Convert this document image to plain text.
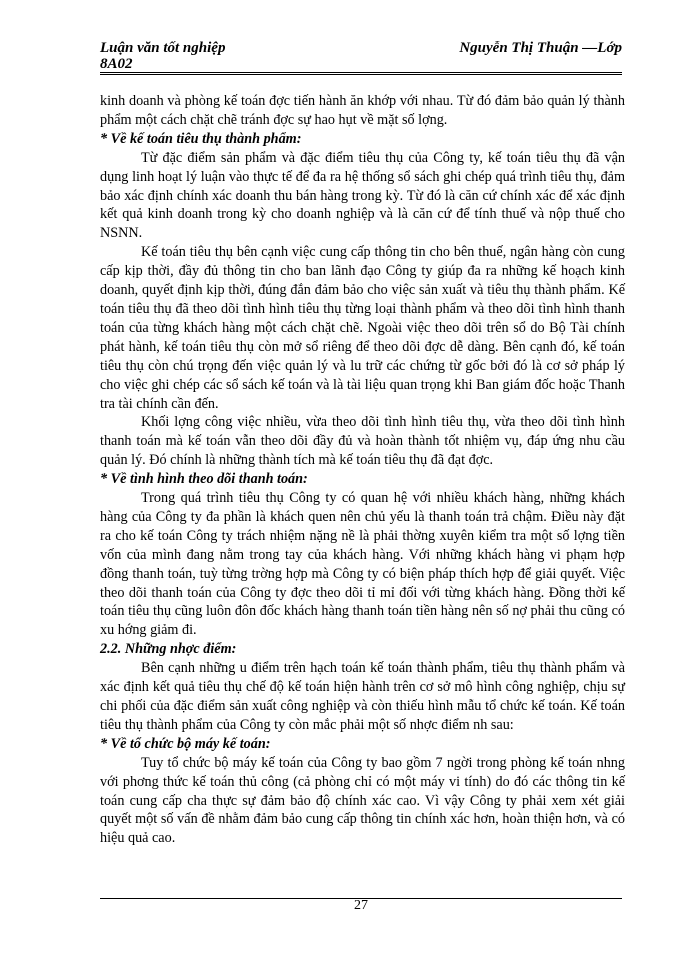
Luận văn tốt nghiệp
8A02
Nguyễn Thị Thuận —Lớp

kinh doanh và phòng kế toán đợc tiến hành ăn khớp với nhau. Từ đó đảm bảo quản lý thành phẩm một cách chặt chẽ tránh đợc sự hao hụt về mặt số lợng.

* Về kế toán tiêu thụ thành phẩm:

Từ đặc điểm sản phẩm và đặc điểm tiêu thụ của Công ty, kế toán tiêu thụ đã vận dụng linh hoạt lý luận vào thực tế để đa ra hệ thống sổ sách ghi chép quá trình tiêu thụ, đảm bảo xác định chính xác doanh thu bán hàng trong kỳ. Từ đó là căn cứ chính xác để xác định kết quả kinh doanh trong kỳ cho doanh nghiệp và là căn cứ để tính thuế và nộp thuế cho NSNN.

Kế toán tiêu thụ bên cạnh việc cung cấp thông tin cho bên thuế, ngân hàng còn cung cấp kịp thời, đầy đủ thông tin cho ban lãnh đạo Công ty giúp đa ra những kế hoạch kinh doanh, quyết định kịp thời, đúng đắn đảm bảo cho việc sản xuất và tiêu thụ thành phẩm. Kế toán tiêu thụ đã theo dõi tình hình tiêu thụ từng loại thành phẩm và theo dõi tình hình thanh toán của từng khách hàng một cách chặt chẽ. Ngoài việc theo dõi trên sổ do Bộ Tài chính phát hành, kế toán tiêu thụ còn mở sổ riêng để theo dõi đợc dễ dàng. Bên cạnh đó, kế toán tiêu thụ còn chú trọng đến việc quản lý và lu trữ các chứng từ gốc bởi đó là cơ sở pháp lý cho việc ghi chép các sổ sách kế toán và là tài liệu quan trọng khi Ban giám đốc hoặc Thanh tra tài chính cần đến.

Khối lợng công việc nhiều, vừa theo dõi tình hình tiêu thụ, vừa theo dõi tình hình thanh toán mà kế toán vẫn theo dõi đầy đủ và hoàn thành tốt nhiệm vụ, đáp ứng nhu cầu quản lý. Đó chính là những thành tích mà kế toán tiêu thụ đã đạt đợc.

* Về tình hình theo dõi thanh toán:

Trong quá trình tiêu thụ Công ty có quan hệ với nhiều khách hàng, những khách hàng của Công ty đa phần là khách quen nên chủ yếu là thanh toán trả chậm. Điều này đặt ra cho kế toán Công ty trách nhiệm nặng nề là phải thờng xuyên kiểm tra một số lợng tiền vốn của mình đang nằm trong tay của khách hàng. Với những khách hàng vi phạm hợp đồng thanh toán, tuỳ từng trờng hợp mà Công ty có biện pháp thích hợp để giải quyết. Việc theo dõi thanh toán của Công ty đợc theo dõi tỉ mỉ đối với từng khách hàng. Đồng thời kế toán tiêu thụ cũng luôn đôn đốc khách hàng thanh toán tiền hàng nên số nợ phải thu cũng có xu hớng giảm đi.

2.2. Những nhợc điểm:

Bên cạnh những u điểm trên hạch toán kế toán thành phẩm, tiêu thụ thành phẩm và xác định kết quả tiêu thụ chế độ kế toán hiện hành trên cơ sở mô hình công nghiệp, chịu sự chi phối của đặc điểm sản xuất công nghiệp và còn thiếu hình mẫu tổ chức kế toán. Kế toán tiêu thụ thành phẩm của Công ty còn mắc phải một số nhợc điểm nh sau:

* Về tổ chức bộ máy kế toán:

Tuy tổ chức bộ máy kế toán của Công ty bao gồm 7 ngời trong phòng kế toán nhng với phơng thức kế toán thủ công (cả phòng chỉ có một máy vi tính) do đó các thông tin kế toán cung cấp cha thực sự đảm bảo độ chính xác cao. Vì vậy Công ty phải xem xét giải quyết một số vấn đề nhằm đảm bảo cung cấp thông tin chính xác hơn, hoàn thiện hơn, và có hiệu quả cao.

27
